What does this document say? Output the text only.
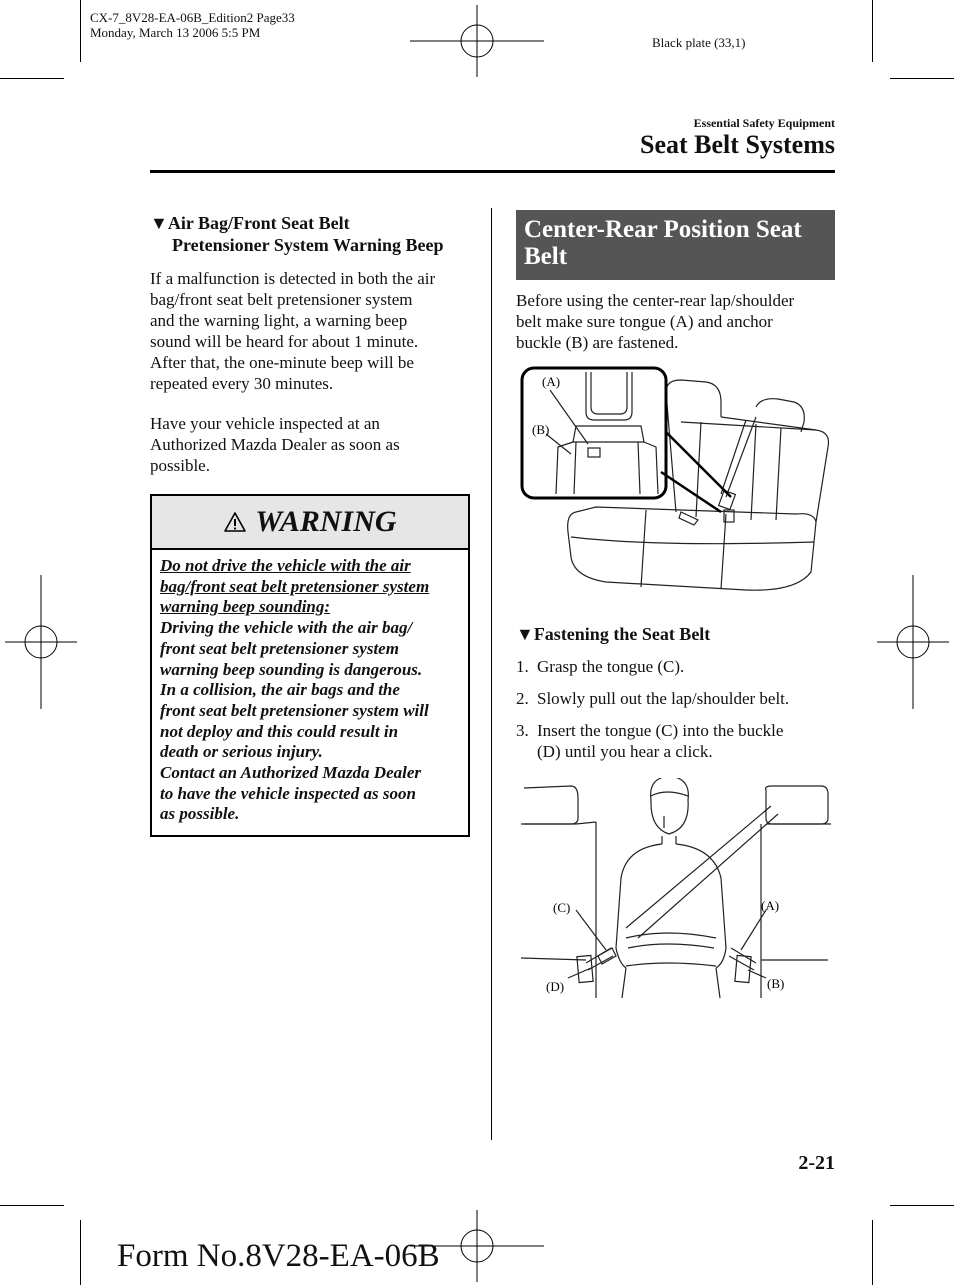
CX-7_8V28-EA-06B_Edition2 Page33
Monday, March 13 2006 5:5 PM
Black plate (33,1)
Essential Safety Equipment
Seat Belt Systems
▼Air Bag/Front Seat Belt
Pretensioner System Warning Beep
If a malfunction is detected in both the air
bag/front seat belt pretensioner system
and the warning light, a warning beep
sound will be heard for about 1 minute.
After that, the one-minute beep will be
repeated every 30 minutes.
Have your vehicle inspected at an
Authorized Mazda Dealer as soon as
possible.
WARNING
Do not drive the vehicle with the air
bag/front seat belt pretensioner system
warning beep sounding:
Driving the vehicle with the air bag/
front seat belt pretensioner system
warning beep sounding is dangerous.
In a collision, the air bags and the
front seat belt pretensioner system will
not deploy and this could result in
death or serious injury.
Contact an Authorized Mazda Dealer
to have the vehicle inspected as soon
as possible.
Center-Rear Position Seat
Belt
Before using the center-rear lap/shoulder
belt make sure tongue (A) and anchor
buckle (B) are fastened.
(A)
(B)
▼Fastening the Seat Belt
1. Grasp the tongue (C).
2. Slowly pull out the lap/shoulder belt.
3. Insert the tongue (C) into the buckle
(D) until you hear a click.
(C)
(D)
(A)
(B)
2-21
Form No.8V28-EA-06B
